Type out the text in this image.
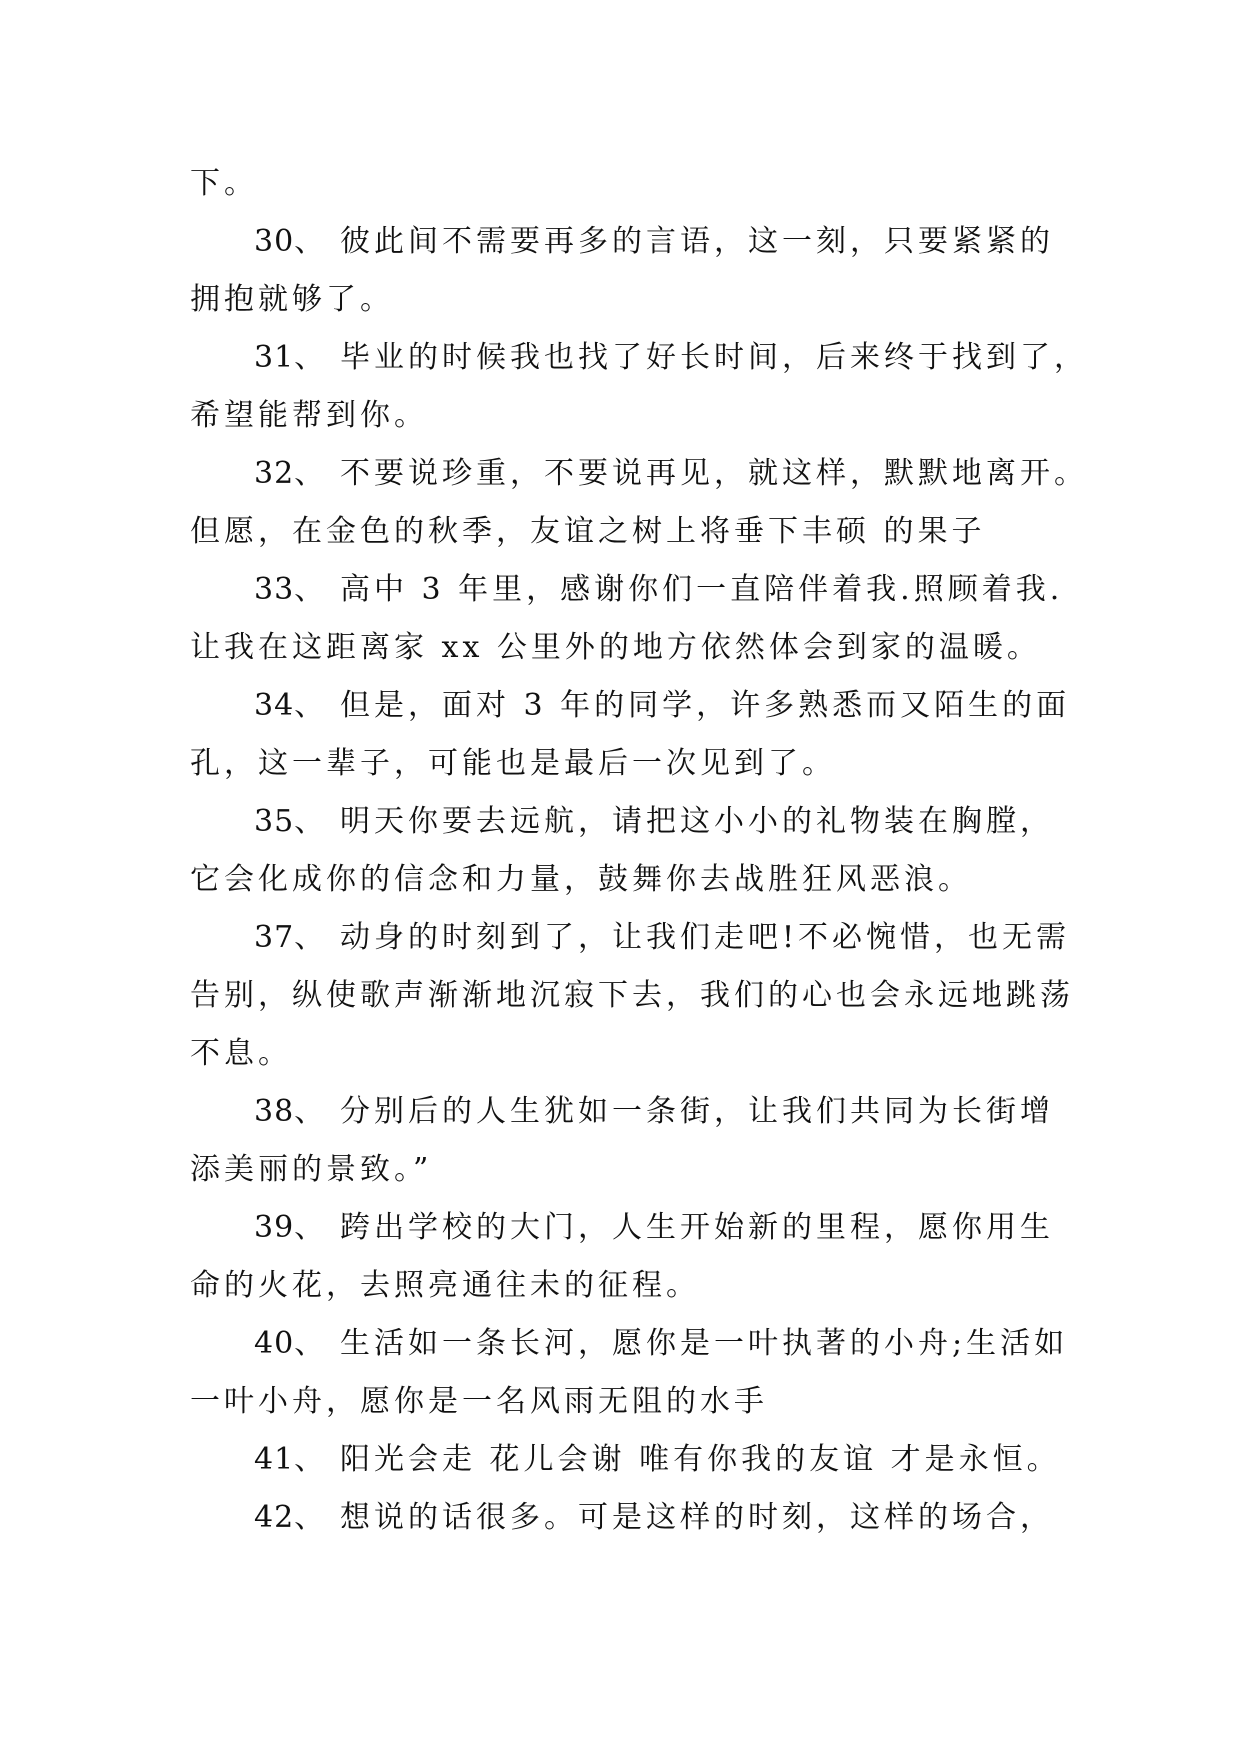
下。

30、 彼此间不需要再多的言语，这一刻，只要紧紧的

拥抱就够了。

31、 毕业的时候我也找了好长时间，后来终于找到了，

希望能帮到你。

32、 不要说珍重，不要说再见，就这样，默默地离开。

但愿，在金色的秋季，友谊之树上将垂下丰硕 的果子

33、 高中 3 年里，感谢你们一直陪伴着我.照顾着我.

让我在这距离家 xx 公里外的地方依然体会到家的温暖。

34、 但是，面对 3 年的同学，许多熟悉而又陌生的面

孔，这一辈子，可能也是最后一次见到了。

35、 明天你要去远航，请把这小小的礼物装在胸膛，

它会化成你的信念和力量，鼓舞你去战胜狂风恶浪。

37、 动身的时刻到了，让我们走吧!不必惋惜，也无需

告别，纵使歌声渐渐地沉寂下去，我们的心也会永远地跳荡

不息。

38、 分别后的人生犹如一条街，让我们共同为长街增

添美丽的景致。”

39、 跨出学校的大门，人生开始新的里程，愿你用生

命的火花，去照亮通往未的征程。

40、 生活如一条长河，愿你是一叶执著的小舟;生活如

一叶小舟，愿你是一名风雨无阻的水手

41、 阳光会走 花儿会谢 唯有你我的友谊 才是永恒。

42、 想说的话很多。可是这样的时刻，这样的场合，
